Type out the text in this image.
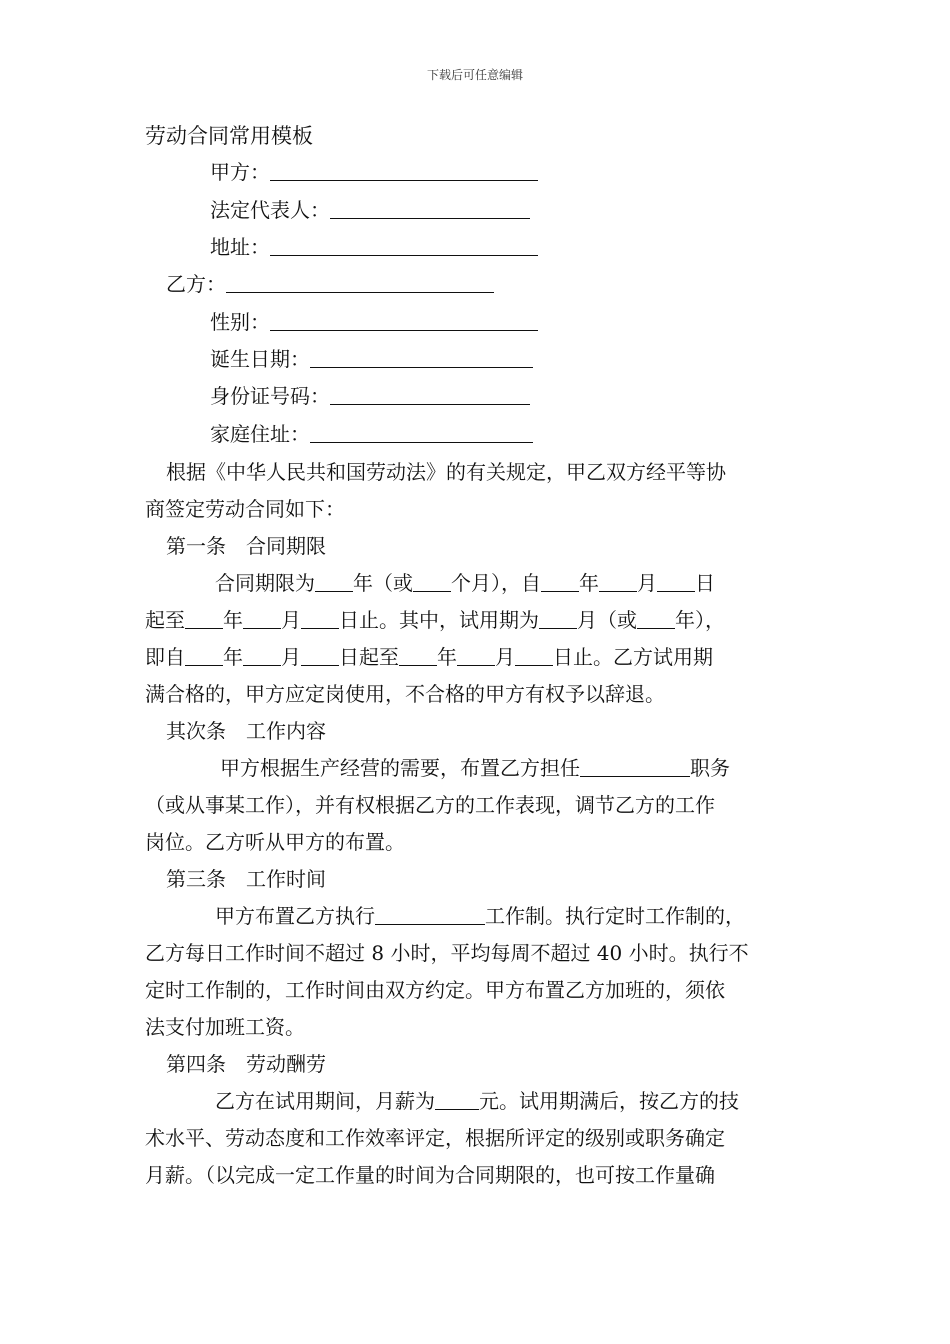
下载后可任意编辑
劳动合同常用模板
甲方：
法定代表人：
地址：
乙方：
性别：
诞生日期：
身份证号码：
家庭住址：
根据《中华人民共和国劳动法》的有关规定，甲乙双方经平等协
商签定劳动合同如下：
第一条　合同期限
合同期限为 年（或 个月），自 年 月 日
起至 年 月 日止。其中，试用期为 月（或 年），
即自 年 月 日起至 年 月 日止。乙方试用期
满合格的，甲方应定岗使用，不合格的甲方有权予以辞退。
其次条　工作内容
甲方根据生产经营的需要，布置乙方担任	职务
（或从事某工作），并有权根据乙方的工作表现，调节乙方的工作
岗位。乙方听从甲方的布置。
第三条　工作时间
甲方布置乙方执行	工作制。执行定时工作制的，
乙方每日工作时间不超过 8 小时，平均每周不超过 40 小时。执行不
定时工作制的，工作时间由双方约定。甲方布置乙方加班的，须依
法支付加班工资。
第四条　劳动酬劳
乙方在试用期间，月薪为 元。试用期满后，按乙方的技
术水平、劳动态度和工作效率评定，根据所评定的级别或职务确定
月薪。（以完成一定工作量的时间为合同期限的，也可按工作量确
